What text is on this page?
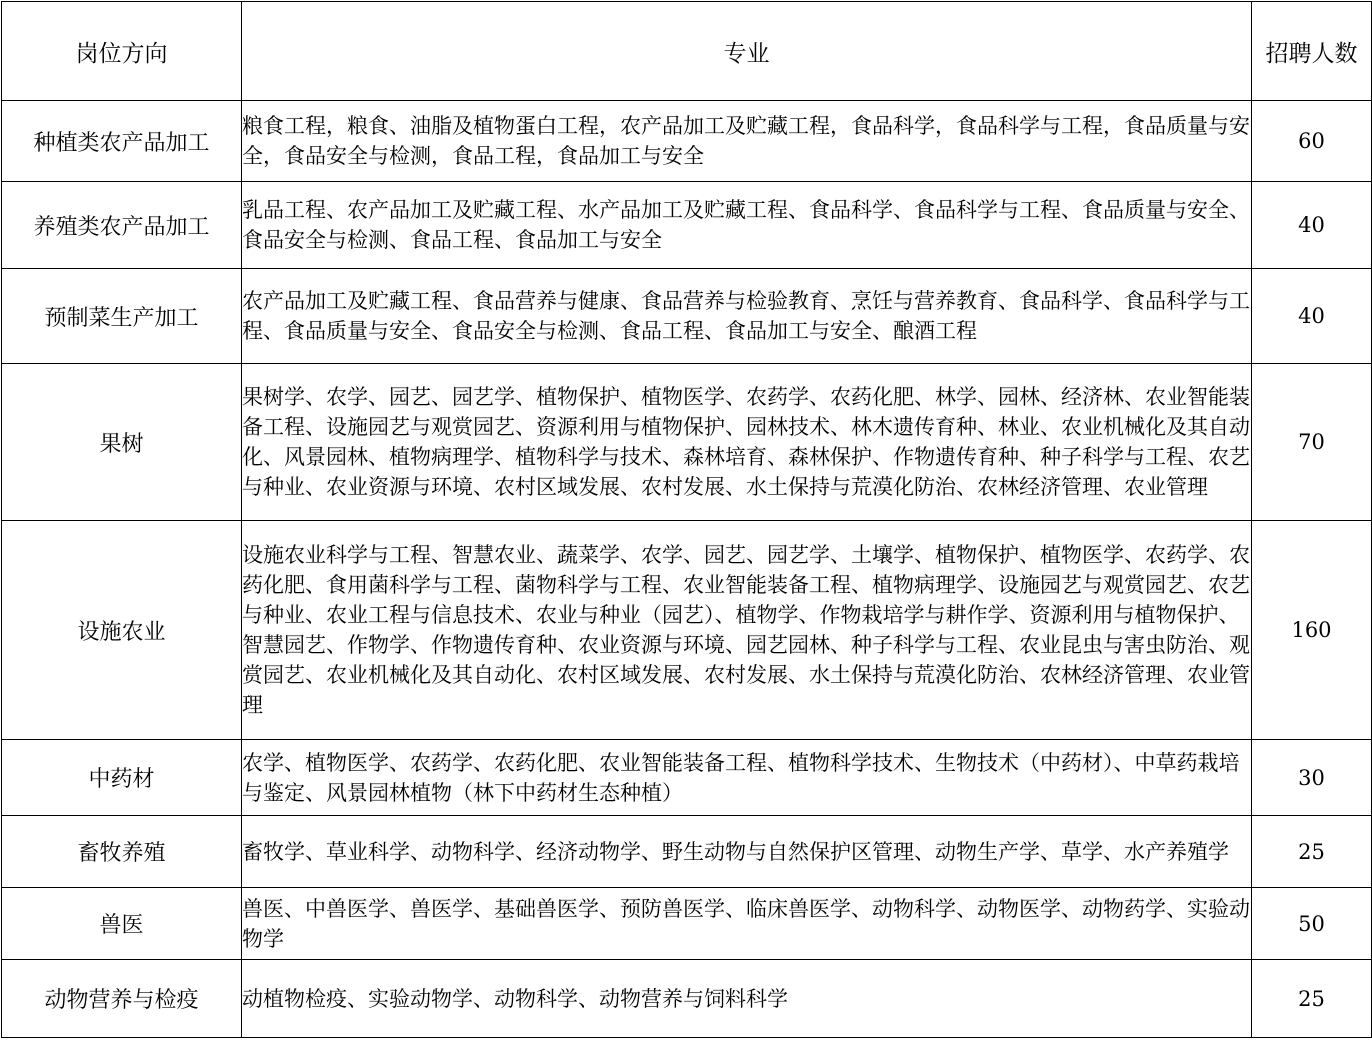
岗位方向	专业	招聘人数
种植类农产品加工	粮食工程，粮食、油脂及植物蛋白工程，农产品加工及贮藏工程，食品科学，食品科学与工程，食品质量与安全，食品安全与检测，食品工程，食品加工与安全	60
养殖类农产品加工	乳品工程、农产品加工及贮藏工程、水产品加工及贮藏工程、食品科学、食品科学与工程、食品质量与安全、食品安全与检测、食品工程、食品加工与安全	40
预制菜生产加工	农产品加工及贮藏工程、食品营养与健康、食品营养与检验教育、烹饪与营养教育、食品科学、食品科学与工程、食品质量与安全、食品安全与检测、食品工程、食品加工与安全、酿酒工程	40
果树	果树学、农学、园艺、园艺学、植物保护、植物医学、农药学、农药化肥、林学、园林、经济林、农业智能装备工程、设施园艺与观赏园艺、资源利用与植物保护、园林技术、林木遗传育种、林业、农业机械化及其自动化、风景园林、植物病理学、植物科学与技术、森林培育、森林保护、作物遗传育种、种子科学与工程、农艺与种业、农业资源与环境、农村区域发展、农村发展、水土保持与荒漠化防治、农林经济管理、农业管理	70
设施农业	设施农业科学与工程、智慧农业、蔬菜学、农学、园艺、园艺学、土壤学、植物保护、植物医学、农药学、农药化肥、食用菌科学与工程、菌物科学与工程、农业智能装备工程、植物病理学、设施园艺与观赏园艺、农艺与种业、农业工程与信息技术、农业与种业（园艺）、植物学、作物栽培学与耕作学、资源利用与植物保护、智慧园艺、作物学、作物遗传育种、农业资源与环境、园艺园林、种子科学与工程、农业昆虫与害虫防治、观赏园艺、农业机械化及其自动化、农村区域发展、农村发展、水土保持与荒漠化防治、农林经济管理、农业管理	160
中药材	农学、植物医学、农药学、农药化肥、农业智能装备工程、植物科学技术、生物技术（中药材）、中草药栽培与鉴定、风景园林植物（林下中药材生态种植）	30
畜牧养殖	畜牧学、草业科学、动物科学、经济动物学、野生动物与自然保护区管理、动物生产学、草学、水产养殖学	25
兽医	兽医、中兽医学、兽医学、基础兽医学、预防兽医学、临床兽医学、动物科学、动物医学、动物药学、实验动物学	50
动物营养与检疫	动植物检疫、实验动物学、动物科学、动物营养与饲料科学	25
